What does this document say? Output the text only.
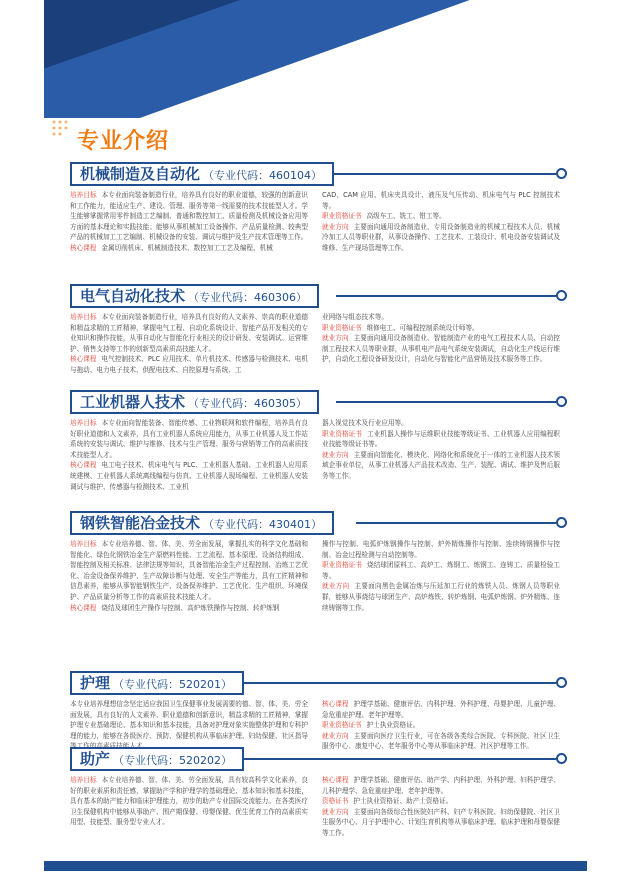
专业介绍
机械制造及自动化 （专业代码：460104）

培养目标 本专业面向装备制造行业，培养具有良好的职业道德，较强的创新意识和工作能力，能适应生产、建设、管理、服务等第一线需要的技术技能型人才。学生能够掌握常用零件制造工艺编制、普通和数控加工、质量检测及机械设备应用等方面的基本理论和实践技能；能够从事机械加工设备操作、产品质量检测、较典型产品的机械加工工艺编制、机械设备的安装、调试与维护及生产技术管理等工作。

核心课程 金属切削机床、机械制造技术、数控加工工艺及编程、机械

CAD、CAM 应用、机床夹具设计、液压及气压传动、机床电气与 PLC 控制技术等。

职业资格证书 高级车工、铣工、钳工等。

就业方向 主要面向通用设备制造业、专用设备制造业的机械工程技术人员、机械冷加工人员等职业群，从事设备操作、工艺技术、工装设计、机电设备安装调试及维修、生产现场管理等工作。

电气自动化技术 （专业代码：460306）

培养目标 本专业面向装备制造行业，培养具有良好的人文素养、崇高的职业道德和精益求精的工匠精神，掌握电气工程、自动化系统设计、智能产品开发相关的专业知识和操作技能，从事自动化与智能化行业相关的设计研发、安装调试、运营维护、销售支持等工作的创新型高素质高技能人才。

核心课程 电气控制技术、PLC 应用技术、单片机技术、传感器与检测技术、电机与拖动、电力电子技术、供配电技术、自控原理与系统、工

业网络与组态技术等。

职业资格证书 维修电工、可编程控制系统设计师等。

就业方向 主要面向通用设备制造业、智能制造产业的电气工程技术人员、自动控制工程技术人员等职业群，从事机电产品电气系统安装调试，自动化生产线运行维护，自动化工程设备研发设计，自动化与智能化产品营销及技术服务等工作。

工业机器人技术 （专业代码：460305）

培养目标 本专业面向智能装备、智能传感、工业物联网和软件编程，培养具有良好职业道德和人文素养，具有工业机器人系统应用能力，从事工业机器人及工作站系统的安装与调试、维护与维修、技术与生产管理、服务与营销等工作的高素质技术技能型人才。

核心课程 电工电子技术、机床电气与 PLC、工业机器人基础、工业机器人应用系统建模、工业机器人系统离线编程与仿真、工业机器人现场编程、工业机器人安装调试与维护、传感器与检测技术、工业机

器人视觉技术及行业应用等。

职业资格证书 工业机器人操作与运维职业技能等级证书、工业机器人应用编程职业技能等级证书等。

就业方向 主要面向智能化、模块化、网络化和系统化于一体的工业机器人技术领域企事业单位，从事工业机器人产品技术改造、生产、装配、调试、维护及售后服务等工作。

钢铁智能冶金技术 （专业代码：430401）

培养目标 本专业培养德、智、体、美、劳全面发展，掌握扎实的科学文化基础和智能化、绿色化钢铁冶金生产原燃料性能、工艺流程、基本原理、设备结构组成、智能控制及相关标准、法律法规等知识，具备智能冶金生产过程控制、冶炼工艺优化、冶金设备保养维护、生产故障诊断与处理、安全生产等能力，具有工匠精神和信息素养，能够从事智能钢铁生产、设备保养维护、工艺优化、生产组织、环境保护、产品质量分析等工作的高素质技术技能人才。

核心课程 烧结及球团生产操作与控制、高炉炼铁操作与控制、转炉炼钢

操作与控制、电弧炉炼钢操作与控制、炉外精炼操作与控制、连续铸钢操作与控制、冶金过程检测与自动控制等。

职业资格证书 烧结球团原料工、高炉工、炼钢工、炼钢工、连铸工、质量检验工等。

就业方向 主要面向黑色金属冶炼与压延加工行业的炼铁人员、炼钢人员等职业群，能够从事烧结与球团生产、高炉炼铁、转炉炼钢、电弧炉炼钢、炉外精炼、连续铸钢等工作。

护理 （专业代码：520201）

本专业培养理想信念坚定适应我国卫生保健事业发展需要的德、智、体、美、劳全面发展，具有良好的人文素养、职业道德和创新意识，精益求精的工匠精神，掌握护理专业基础理论、基本知识和基本技能，具备对护理对象实施整体护理和专科护理的能力，能够在各级医疗、预防、保健机构从事临床护理、妇幼保健、社区指导

核心课程 护理学基础、健康评估、内科护理、外科护理、母婴护理、儿童护理、急危重症护理、老年护理等。

职业资格证书 护士执业资格证。

就业方向 主要面向医疗卫生行业，可在各级各类综合医院、专科医院、社区卫生服务中心、康复中心、老年服务中心等从事临床护理、社区护理等工作。

助产 （专业代码：520202）

培养目标 本专业培养德、智、体、美、劳全面发展，具有较高科学文化素养，良好的职业素质和责任感，掌握助产学和护理学的基础理论、基本知识和基本技能，具有基本的助产能力和临床护理能力，初步的助产专业国际交流能力。在各类医疗卫生保健机构中能够从事助产、围产期保健、母婴保健、优生优育工作的高素质实用型、技能型、服务型专业人才。

核心课程 护理学基础、健康评估、助产学、内科护理、外科护理、妇科护理学、儿科护理学、急危重症护理、老年护理等。

资格证书 护士执业资格证、助产士资格证。

就业方向 主要面向各级综合性医院妇产科、妇产专科医院、妇幼保健院、社区卫生服务中心、月子护理中心、计划生育机构等从事临床护理、临床护理和母婴保健等工作。
